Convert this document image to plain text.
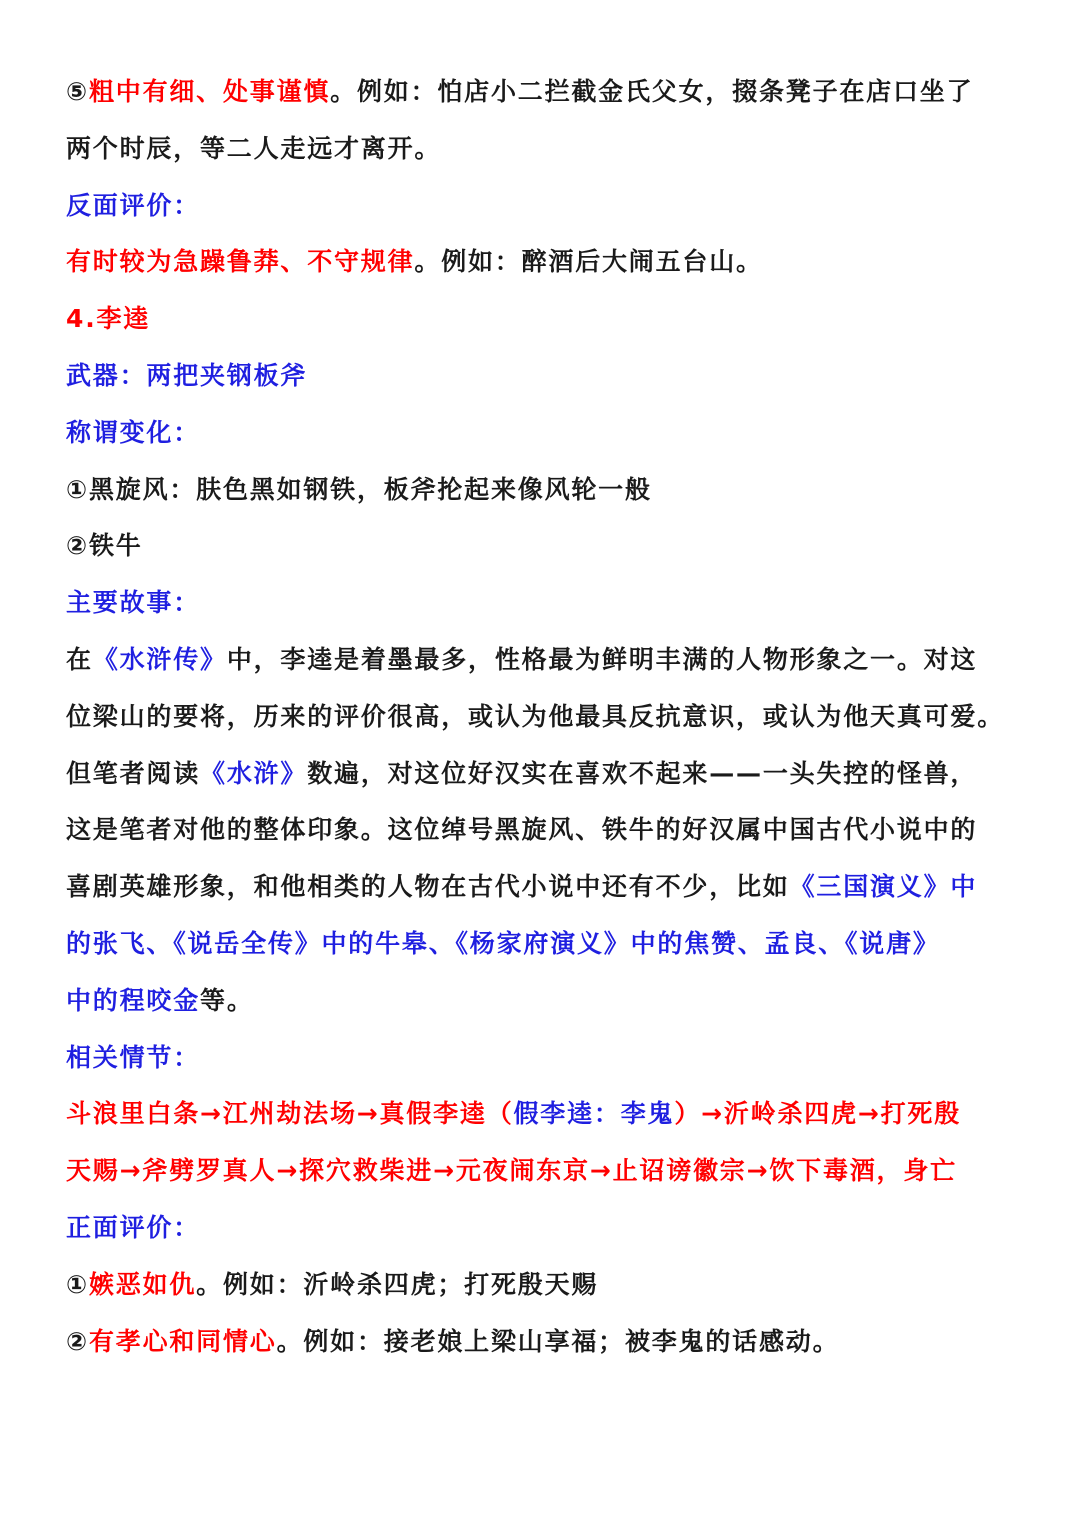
⑤粗中有细、处事谨慎。例如：怕店小二拦截金氏父女，掇条凳子在店口坐了
两个时辰，等二人走远才离开。
反面评价：
有时较为急躁鲁莽、不守规律。例如：醉酒后大闹五台山。
4.李逵
武器：两把夹钢板斧
称谓变化：
①黑旋风：肤色黑如钢铁，板斧抡起来像风轮一般
②铁牛
主要故事：
在《水浒传》中，李逵是着墨最多，性格最为鲜明丰满的人物形象之一。对这
位梁山的要将，历来的评价很高，或认为他最具反抗意识，或认为他天真可爱。
但笔者阅读《水浒》数遍，对这位好汉实在喜欢不起来——一头失控的怪兽，
这是笔者对他的整体印象。这位绰号黑旋风、铁牛的好汉属中国古代小说中的
喜剧英雄形象，和他相类的人物在古代小说中还有不少，比如《三国演义》中
的张飞、《说岳全传》中的牛皋、《杨家府演义》中的焦赞、孟良、《说唐》
中的程咬金等。
相关情节：
斗浪里白条→江州劫法场→真假李逵（假李逵：李鬼）→沂岭杀四虎→打死殷
天赐→斧劈罗真人→探穴救柴进→元夜闹东京→止诏谤徽宗→饮下毒酒，身亡
正面评价：
①嫉恶如仇。例如：沂岭杀四虎；打死殷天赐
②有孝心和同情心。例如：接老娘上梁山享福；被李鬼的话感动。
